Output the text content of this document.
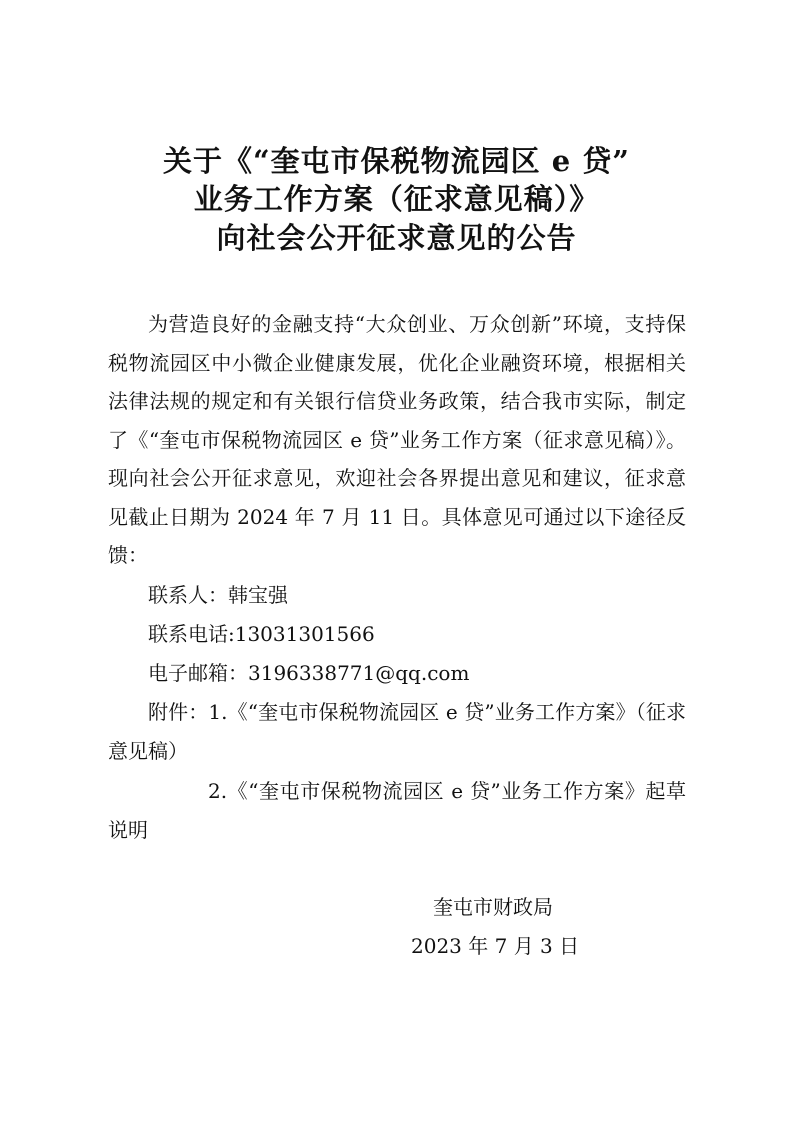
关于《“奎屯市保税物流园区 e 贷”
业务工作方案（征求意见稿）》
向社会公开征求意见的公告
为营造良好的金融支持“大众创业、万众创新”环境，支持保税物流园区中小微企业健康发展，优化企业融资环境，根据相关法律法规的规定和有关银行信贷业务政策，结合我市实际，制定了《“奎屯市保税物流园区 e 贷”业务工作方案（征求意见稿）》。现向社会公开征求意见，欢迎社会各界提出意见和建议，征求意见截止日期为 2024 年 7 月 11 日。具体意见可通过以下途径反馈：
联系人：韩宝强
联系电话:13031301566
电子邮箱：3196338771@qq.com
附件：1.《“奎屯市保税物流园区 e 贷”业务工作方案》（征求意见稿）
2.《“奎屯市保税物流园区 e 贷”业务工作方案》起草说明
奎屯市财政局
2023 年 7 月 3 日
